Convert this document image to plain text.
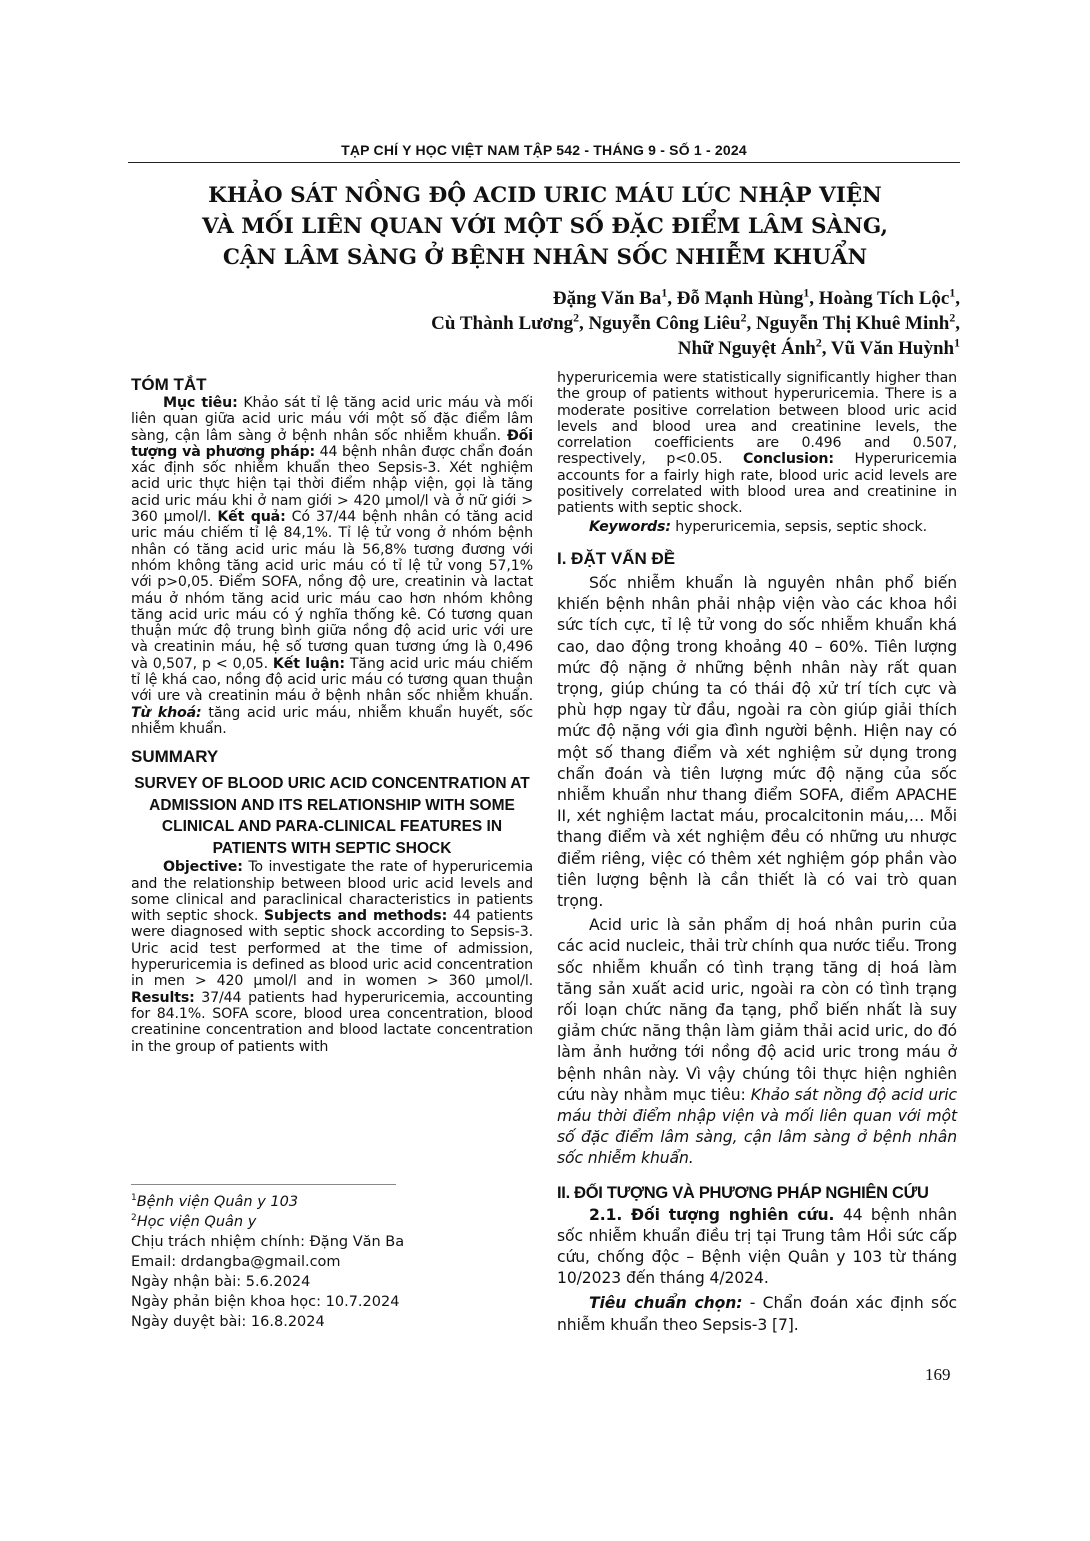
TẠP CHÍ Y HỌC VIỆT NAM TẬP 542 - THÁNG 9 - SỐ 1 - 2024
KHẢO SÁT NỒNG ĐỘ ACID URIC MÁU LÚC NHẬP VIỆN
VÀ MỐI LIÊN QUAN VỚI MỘT SỐ ĐẶC ĐIỂM LÂM SÀNG,
CẬN LÂM SÀNG Ở BỆNH NHÂN SỐC NHIỄM KHUẨN
Đặng Văn Ba$^1$, Đỗ Mạnh Hùng$^1$, Hoàng Tích Lộc$^1$,
Cù Thành Lương$^2$, Nguyễn Công Liêu$^2$, Nguyễn Thị Khuê Minh$^2$,
Nhữ Nguyệt Ánh$^2$, Vũ Văn Huỳnh$^1$
TÓM TẮT

Mục tiêu: Khảo sát tỉ lệ tăng acid uric máu và mối liên quan giữa acid uric máu với một số đặc điểm lâm sàng, cận lâm sàng ở bệnh nhân sốc nhiễm khuẩn. Đối tượng và phương pháp: 44 bệnh nhân được chẩn đoán xác định sốc nhiễm khuẩn theo Sepsis-3. Xét nghiệm acid uric thực hiện tại thời điểm nhập viện, gọi là tăng acid uric máu khi ở nam giới > 420 μmol/l và ở nữ giới > 360 μmol/l. Kết quả: Có 37/44 bệnh nhân có tăng acid uric máu chiếm tỉ lệ 84,1%. Tỉ lệ tử vong ở nhóm bệnh nhân có tăng acid uric máu là 56,8% tương đương với nhóm không tăng acid uric máu có tỉ lệ tử vong 57,1% với p>0,05. Điểm SOFA, nồng độ ure, creatinin và lactat máu ở nhóm tăng acid uric máu cao hơn nhóm không tăng acid uric máu có ý nghĩa thống kê. Có tương quan thuận mức độ trung bình giữa nồng độ acid uric với ure và creatinin máu, hệ số tương quan tương ứng là 0,496 và 0,507, p < 0,05. Kết luận: Tăng acid uric máu chiếm tỉ lệ khá cao, nồng độ acid uric máu có tương quan thuận với ure và creatinin máu ở bệnh nhân sốc nhiễm khuẩn. Từ khoá: tăng acid uric máu, nhiễm khuẩn huyết, sốc nhiễm khuẩn.

SUMMARY
SURVEY OF BLOOD URIC ACID CONCENTRATION AT ADMISSION AND ITS RELATIONSHIP WITH SOME CLINICAL AND PARA-CLINICAL FEATURES IN PATIENTS WITH SEPTIC SHOCK

Objective: To investigate the rate of hyperuricemia and the relationship between blood uric acid levels and some clinical and paraclinical characteristics in patients with septic shock. Subjects and methods: 44 patients were diagnosed with septic shock according to Sepsis-3. Uric acid test performed at the time of admission, hyperuricemia is defined as blood uric acid concentration in men > 420 μmol/l and in women > 360 μmol/l. Results: 37/44 patients had hyperuricemia, accounting for 84.1%. SOFA score, blood urea concentration, blood creatinine concentration and blood lactate concentration in the group of patients with

$^1$Bệnh viện Quân y 103
$^2$Học viện Quân y
Chịu trách nhiệm chính: Đặng Văn Ba
Email: drdangba@gmail.com
Ngày nhận bài: 5.6.2024
Ngày phản biện khoa học: 10.7.2024
Ngày duyệt bài: 16.8.2024

hyperuricemia were statistically significantly higher than the group of patients without hyperuricemia. There is a moderate positive correlation between blood uric acid levels and blood urea and creatinine levels, the correlation coefficients are 0.496 and 0.507, respectively, p<0.05. Conclusion: Hyperuricemia accounts for a fairly high rate, blood uric acid levels are positively correlated with blood urea and creatinine in patients with septic shock.

Keywords: hyperuricemia, sepsis, septic shock.

I. ĐẶT VẤN ĐỀ

Sốc nhiễm khuẩn là nguyên nhân phổ biến khiến bệnh nhân phải nhập viện vào các khoa hồi sức tích cực, tỉ lệ tử vong do sốc nhiễm khuẩn khá cao, dao động trong khoảng 40 – 60%. Tiên lượng mức độ nặng ở những bệnh nhân này rất quan trọng, giúp chúng ta có thái độ xử trí tích cực và phù hợp ngay từ đầu, ngoài ra còn giúp giải thích mức độ nặng với gia đình người bệnh. Hiện nay có một số thang điểm và xét nghiệm sử dụng trong chẩn đoán và tiên lượng mức độ nặng của sốc nhiễm khuẩn như thang điểm SOFA, điểm APACHE II, xét nghiệm lactat máu, procalcitonin máu,… Mỗi thang điểm và xét nghiệm đều có những ưu nhược điểm riêng, việc có thêm xét nghiệm góp phần vào tiên lượng bệnh là cần thiết là có vai trò quan trọng.

Acid uric là sản phẩm dị hoá nhân purin của các acid nucleic, thải trừ chính qua nước tiểu. Trong sốc nhiễm khuẩn có tình trạng tăng dị hoá làm tăng sản xuất acid uric, ngoài ra còn có tình trạng rối loạn chức năng đa tạng, phổ biến nhất là suy giảm chức năng thận làm giảm thải acid uric, do đó làm ảnh hưởng tới nồng độ acid uric trong máu ở bệnh nhân này. Vì vậy chúng tôi thực hiện nghiên cứu này nhằm mục tiêu: Khảo sát nồng độ acid uric máu thời điểm nhập viện và mối liên quan với một số đặc điểm lâm sàng, cận lâm sàng ở bệnh nhân sốc nhiễm khuẩn.

II. ĐỐI TƯỢNG VÀ PHƯƠNG PHÁP NGHIÊN CỨU

2.1. Đối tượng nghiên cứu. 44 bệnh nhân sốc nhiễm khuẩn điều trị tại Trung tâm Hồi sức cấp cứu, chống độc – Bệnh viện Quân y 103 từ tháng 10/2023 đến tháng 4/2024.

Tiêu chuẩn chọn: - Chẩn đoán xác định sốc nhiễm khuẩn theo Sepsis-3 [7].

169
